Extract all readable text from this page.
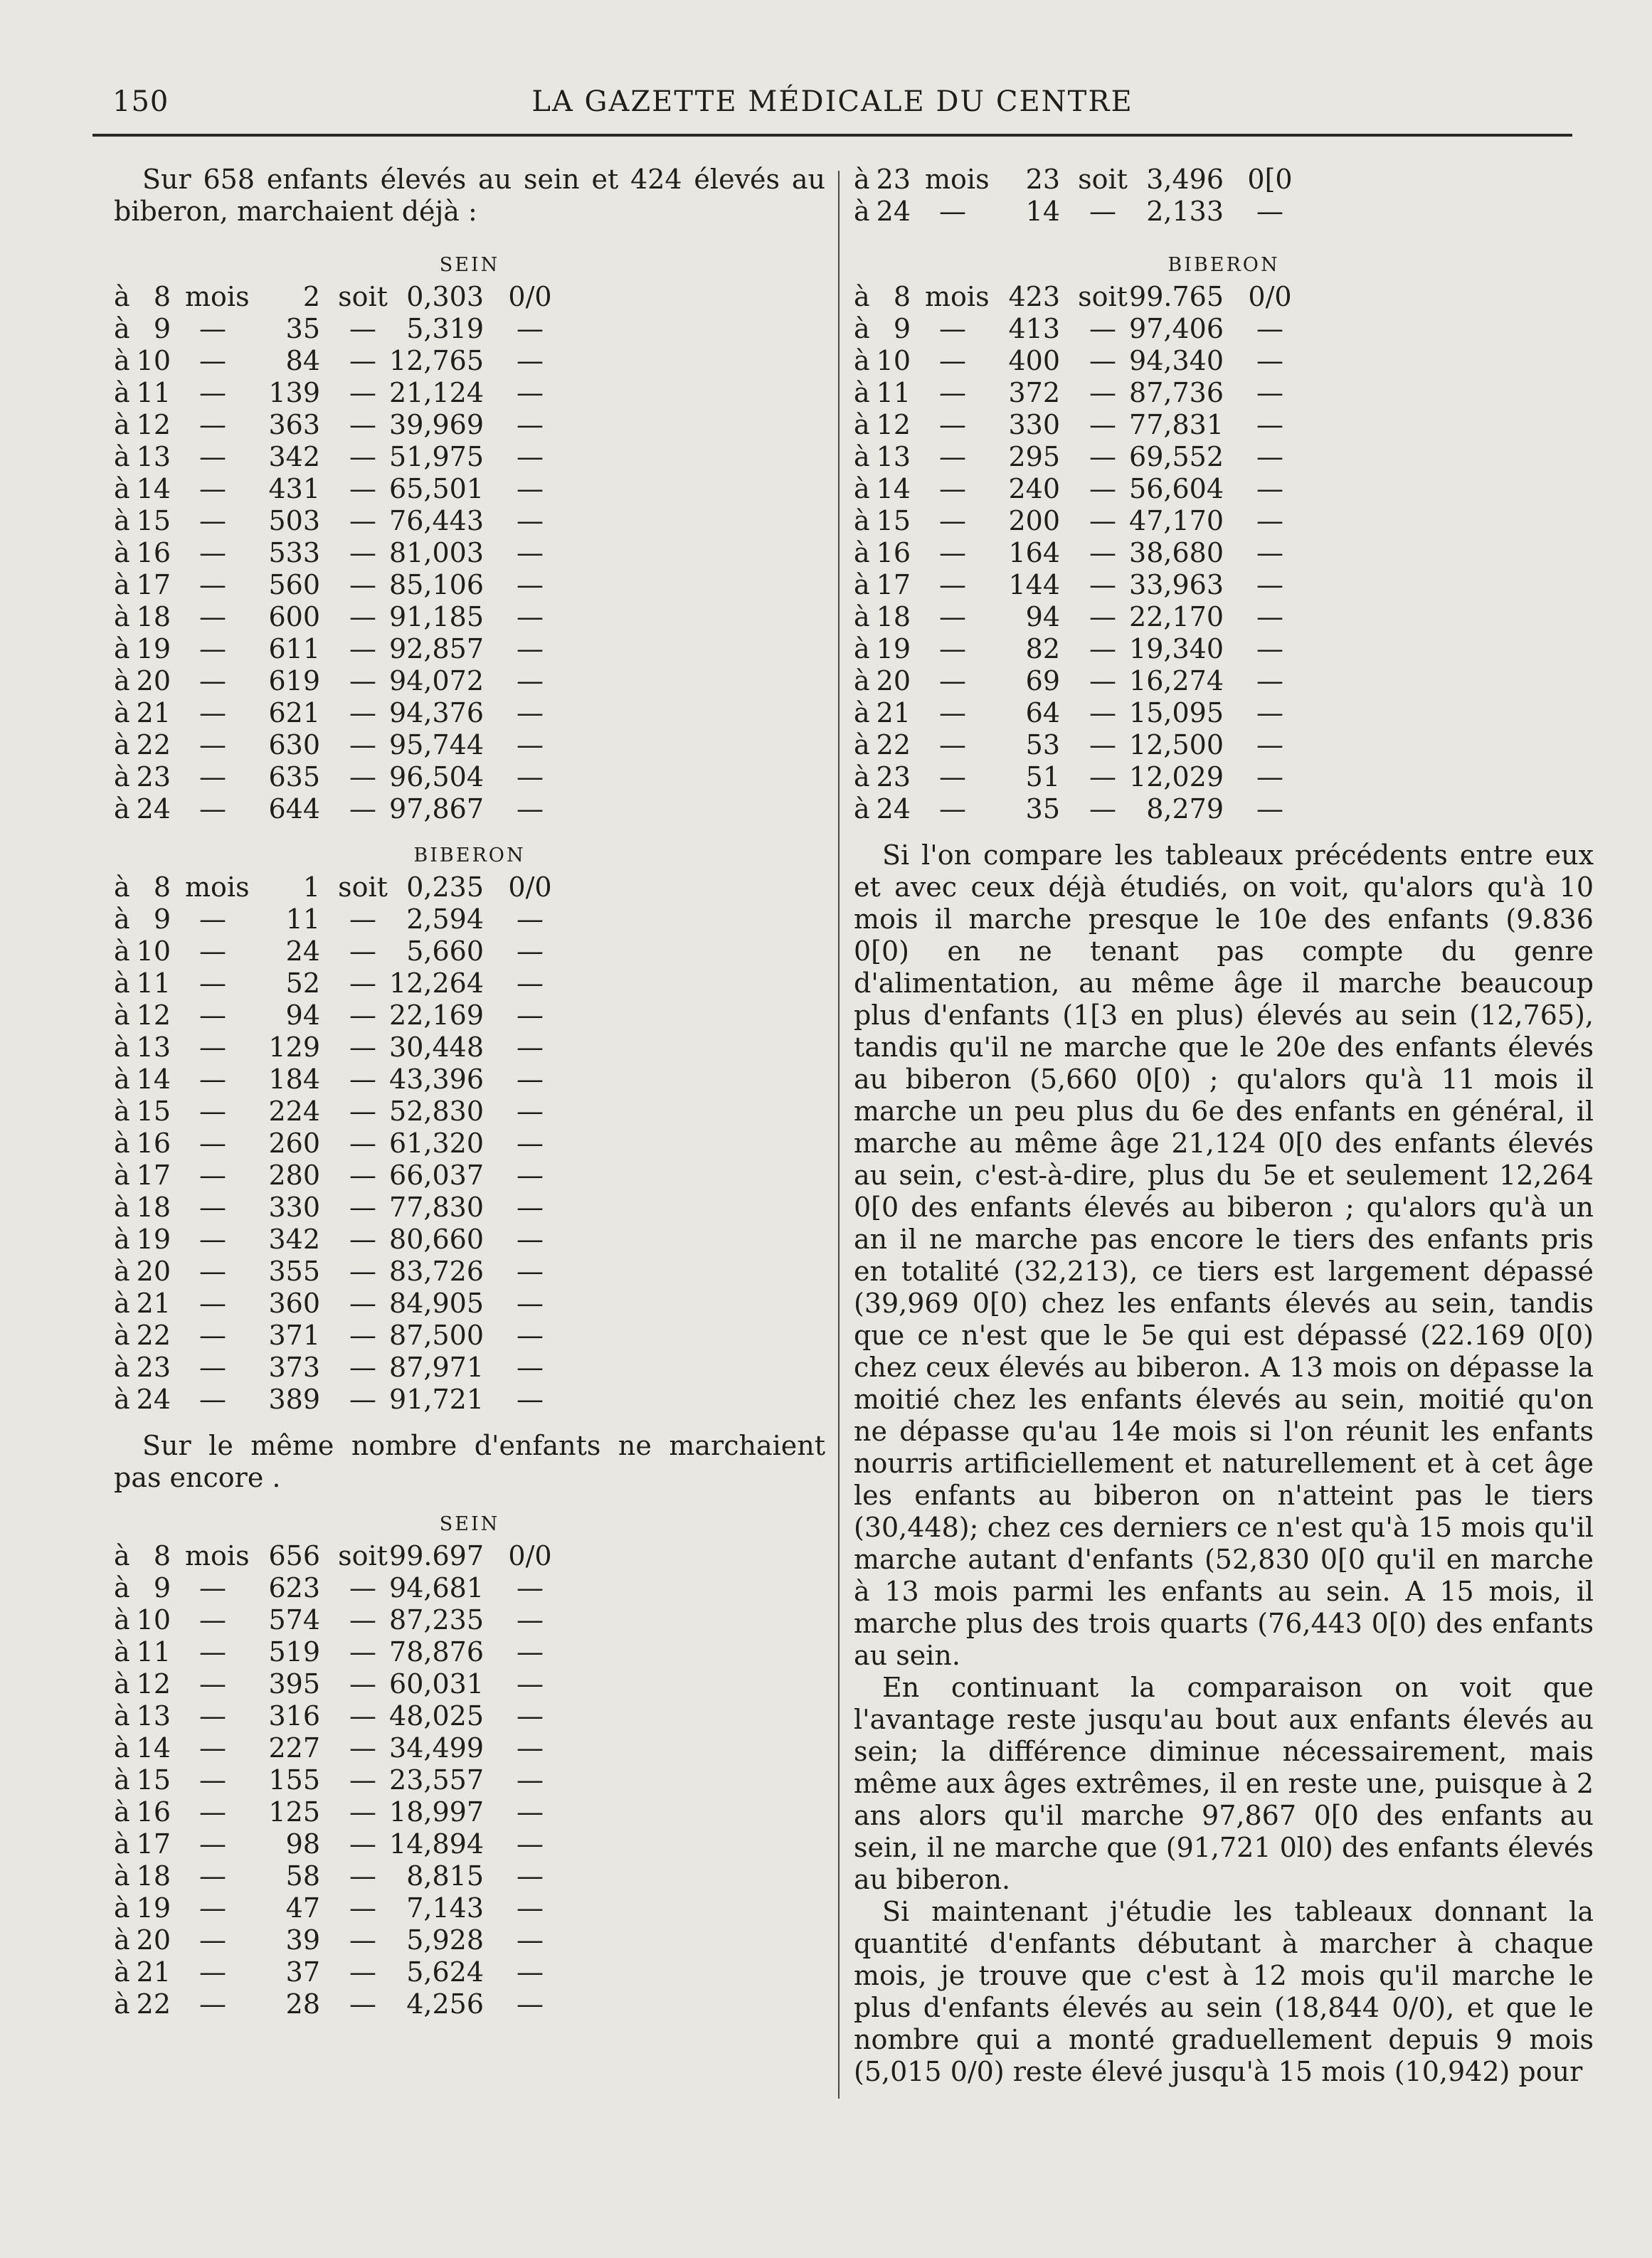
150	LA GAZETTE MÉDICALE DU CENTRE

Sur 658 enfants élevés au sein et 424 élevés au biberon, marchaient déjà :

SEIN
à 8 mois	2 soit 0,303 0/0
à 9 —	35	—	5,319	—
à 10 —	84	— 12,765	—
à 11 —	139	— 21,124	—
à 12 —	363	— 39,969	—
à 13 —	342	— 51,975	—
à 14 —	431	— 65,501	—
à 15 —	503	— 76,443	—
à 16 —	533	— 81,003	—
à 17 —	560	— 85,106	—
à 18 —	600	— 91,185	—
à 19 —	611	— 92,857	—
à 20 —	619	— 94,072	—
à 21 —	621	— 94,376	—
à 22 —	630	— 95,744	—
à 23 —	635	— 96,504	—
à 24 —	644	— 97,867	—
BIBERON
à 8 mois	1 soit 0,235 0/0
à 9 —	11	—	2,594	—
à 10 —	24	—	5,660	—
à 11 —	52	— 12,264	—
à 12 —	94	— 22,169	—
à 13 —	129	— 30,448	—
à 14 —	184	— 43,396	—
à 15 —	224	— 52,830	—
à 16 —	260	— 61,320	—
à 17 —	280	— 66,037	—
à 18 —	330	— 77,830	—
à 19 —	342	— 80,660	—
à 20 —	355	— 83,726	—
à 21 —	360	— 84,905	—
à 22 —	371	— 87,500	—
à 23 —	373	— 87,971	—
à 24 —	389	— 91,721	—

Sur le même nombre d'enfants ne marchaient pas encore .

SEIN
à 8 mois 656 soit 99.697 0/0
à 9 —	623	— 94,681	—
à 10 —	574	— 87,235	—
à 11 —	519	— 78,876	—
à 12 —	395	— 60,031	—
à 13 —	316	— 48,025	—
à 14 —	227	— 34,499	—
à 15 —	155	— 23,557	—
à 16 —	125	— 18,997	—
à 17 —	98	— 14,894	—
à 18 —	58	—	8,815	—
à 19 —	47	—	7,143	—
à 20 —	39	—	5,928	—
à 21 —	37	—	5,624	—
à 22 —	28	—	4,256	—
à 23 mois	23 soit 3,496 0[0
à 24 —	14	—	2,133	—
BIBERON
à 8 mois 423 soit 99.765 0/0
à 9 —	413	— 97,406	—
à 10 —	400	— 94,340	—
à 11 —	372	— 87,736	—
à 12 —	330	— 77,831	—
à 13 —	295	— 69,552	—
à 14 —	240	— 56,604	—
à 15 —	200	— 47,170	—
à 16 —	164	— 38,680	—
à 17 —	144	— 33,963	—
à 18 —	94	— 22,170	—
à 19 —	82	— 19,340	—
à 20 —	69	— 16,274	—
à 21 —	64	— 15,095	—
à 22 —	53	— 12,500	—
à 23 —	51	— 12,029	—
à 24 —	35	—	8,279	—

Si l'on compare les tableaux précédents entre eux et avec ceux déjà étudiés, on voit, qu'alors qu'à 10 mois il marche presque le 10e des enfants (9.836 0[0) en ne tenant pas compte du genre d'alimentation, au même âge il marche beaucoup plus d'enfants (1[3 en plus) élevés au sein (12,765), tandis qu'il ne marche que le 20e des enfants élevés au biberon (5,660 0[0) ; qu'alors qu'à 11 mois il marche un peu plus du 6e des enfants en général, il marche au même âge 21,124 0[0 des enfants élevés au sein, c'est-à-dire, plus du 5e et seulement 12,264 0[0 des enfants élevés au biberon ; qu'alors qu'à un an il ne marche pas encore le tiers des enfants pris en totalité (32,213), ce tiers est largement dépassé (39,969 0[0) chez les enfants élevés au sein, tandis que ce n'est que le 5e qui est dépassé (22.169 0[0) chez ceux élevés au biberon. A 13 mois on dépasse la moitié chez les enfants élevés au sein, moitié qu'on ne dépasse qu'au 14e mois si l'on réunit les enfants nourris artificiellement et naturellement et à cet âge les enfants au biberon on n'atteint pas le tiers (30,448); chez ces derniers ce n'est qu'à 15 mois qu'il marche autant d'enfants (52,830 0[0 qu'il en marche à 13 mois parmi les enfants au sein. A 15 mois, il marche plus des trois quarts (76,443 0[0) des enfants au sein.

En continuant la comparaison on voit que l'avantage reste jusqu'au bout aux enfants élevés au sein; la différence diminue nécessairement, mais même aux âges extrêmes, il en reste une, puisque à 2 ans alors qu'il marche 97,867 0[0 des enfants au sein, il ne marche que (91,721 0l0) des enfants élevés au biberon.

Si maintenant j'étudie les tableaux donnant la quantité d'enfants débutant à marcher à chaque mois, je trouve que c'est à 12 mois qu'il marche le plus d'enfants élevés au sein (18,844 0/0), et que le nombre qui a monté graduellement depuis 9 mois (5,015 0/0) reste élevé jusqu'à 15 mois (10,942) pour
